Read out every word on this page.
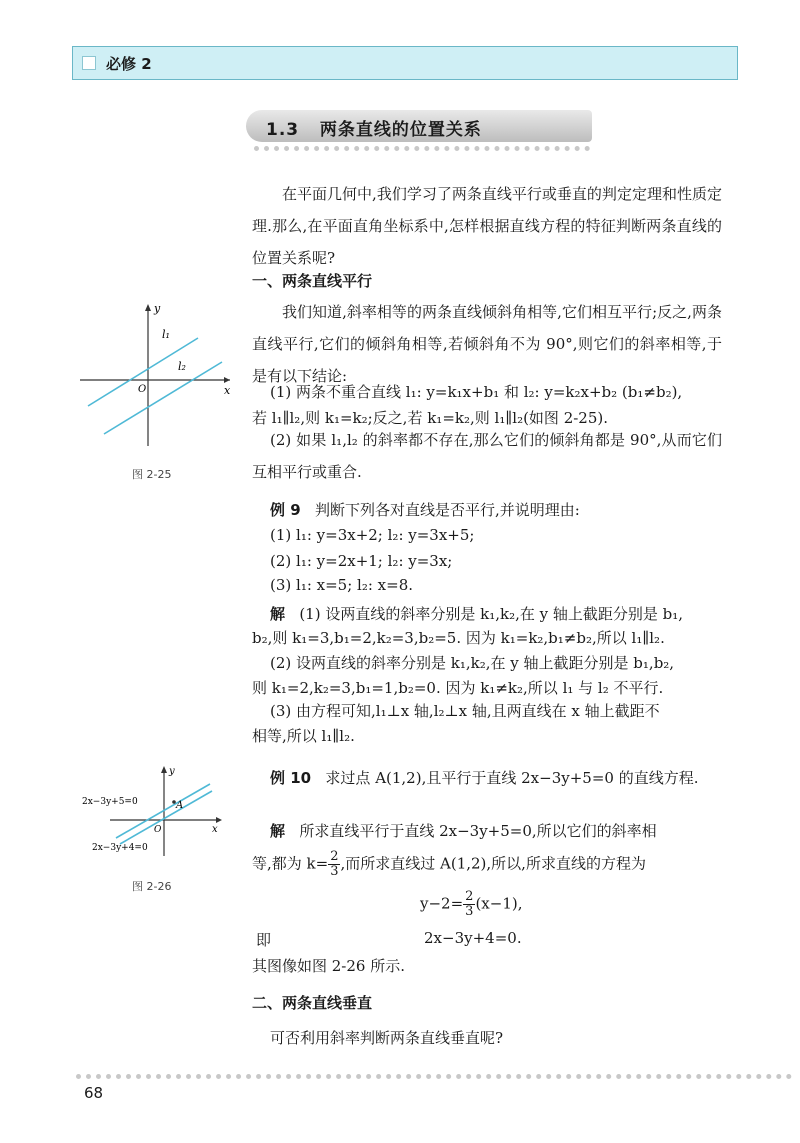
必修 2
1.3 两条直线的位置关系
在平面几何中,我们学习了两条直线平行或垂直的判定定理和性质定理.那么,在平面直角坐标系中,怎样根据直线方程的特征判断两条直线的位置关系呢?
一、两条直线平行
我们知道,斜率相等的两条直线倾斜角相等,它们相互平行;反之,两条直线平行,它们的倾斜角相等,若倾斜角不为 90°,则它们的斜率相等,于是有以下结论:
(1) 两条不重合直线 l₁: y=k₁x+b₁ 和 l₂: y=k₂x+b₂ (b₁≠b₂),
若 l₁∥l₂,则 k₁=k₂;反之,若 k₁=k₂,则 l₁∥l₂(如图 2-25).
(2) 如果 l₁,l₂ 的斜率都不存在,那么它们的倾斜角都是 90°,从而它们互相平行或重合.
y
x
O
l₁
l₂
图 2-25
例 9 判断下列各对直线是否平行,并说明理由:
(1) l₁: y=3x+2; l₂: y=3x+5;
(2) l₁: y=2x+1; l₂: y=3x;
(3) l₁: x=5; l₂: x=8.
解 (1) 设两直线的斜率分别是 k₁,k₂,在 y 轴上截距分别是 b₁,
b₂,则 k₁=3,b₁=2,k₂=3,b₂=5. 因为 k₁=k₂,b₁≠b₂,所以 l₁∥l₂.
(2) 设两直线的斜率分别是 k₁,k₂,在 y 轴上截距分别是 b₁,b₂,
则 k₁=2,k₂=3,b₁=1,b₂=0. 因为 k₁≠k₂,所以 l₁ 与 l₂ 不平行.
(3) 由方程可知,l₁⊥x 轴,l₂⊥x 轴,且两直线在 x 轴上截距不
相等,所以 l₁∥l₂.
A
y
x
O
2x−3y+5=0
2x−3y+4=0
图 2-26
例 10 求过点 A(1,2),且平行于直线 2x−3y+5=0 的直线方程.
解 所求直线平行于直线 2x−3y+5=0,所以它们的斜率相
等,都为 $k= \frac{2}{3}$ ,而所求直线过 A(1,2),所以,所求直线的方程为
$y-2= \frac{2}{3} (x-1)$,
即	2x−3y+4=0.
其图像如图 2-26 所示.
二、两条直线垂直
可否利用斜率判断两条直线垂直呢?
68
